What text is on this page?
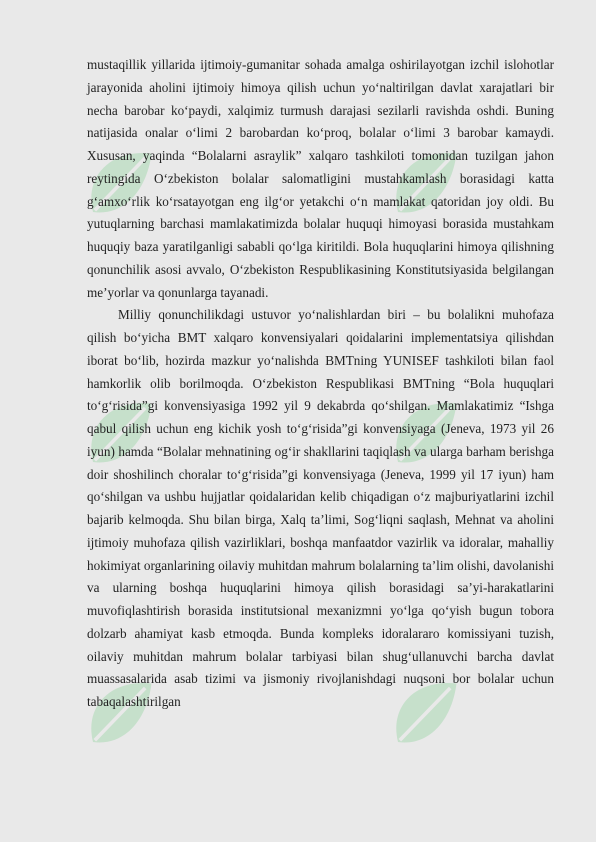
mustaqillik yillarida ijtimoiy-gumanitar sohada amalga oshirilayotgan izchil islohotlar jarayonida aholini ijtimoiy himoya qilish uchun yo‘naltirilgan davlat xarajatlari bir necha barobar ko‘paydi, xalqimiz turmush darajasi sezilarli ravishda oshdi. Buning natijasida onalar o‘limi 2 barobardan ko‘proq, bolalar o‘limi 3 barobar kamaydi. Xususan, yaqinda “Bolalarni asraylik” xalqaro tashkiloti tomonidan tuzilgan jahon reytingida O‘zbekiston bolalar salomatligini mustahkamlash borasidagi katta g‘amxo‘rlik ko‘rsatayotgan eng ilg‘or yetakchi o‘n mamlakat qatoridan joy oldi. Bu yutuqlarning barchasi mamlakatimizda bolalar huquqi himoyasi borasida mustahkam huquqiy baza yaratilganligi sababli qo‘lga kiritildi. Bola huquqlarini himoya qilishning qonunchilik asosi avvalo, O‘zbekiston Respublikasining Konstitutsiyasida belgilangan me’yorlar va qonunlarga tayanadi.

Milliy qonunchilikdagi ustuvor yo‘nalishlardan biri – bu bolalikni muhofaza qilish bo‘yicha BMT xalqaro konvensiyalari qoidalarini implementatsiya qilishdan iborat bo‘lib, hozirda mazkur yo‘nalishda BMTning YUNISEF tashkiloti bilan faol hamkorlik olib borilmoqda. O‘zbekiston Respublikasi BMTning “Bola huquqlari to‘g‘risida”gi konvensiyasiga 1992 yil 9 dekabrda qo‘shilgan. Mamlakatimiz “Ishga qabul qilish uchun eng kichik yosh to‘g‘risida”gi konvensiyaga (Jeneva, 1973 yil 26 iyun) hamda “Bolalar mehnatining og‘ir shakllarini taqiqlash va ularga barham berishga doir shoshilinch choralar to‘g‘risida”gi konvensiyaga (Jeneva, 1999 yil 17 iyun) ham qo‘shilgan va ushbu hujjatlar qoidalaridan kelib chiqadigan o‘z majburiyatlarini izchil bajarib kelmoqda. Shu bilan birga, Xalq ta’limi, Sog‘liqni saqlash, Mehnat va aholini ijtimoiy muhofaza qilish vazirliklari, boshqa manfaatdor vazirlik va idoralar, mahalliy hokimiyat organlarining oilaviy muhitdan mahrum bolalarning ta’lim olishi, davolanishi va ularning boshqa huquqlarini himoya qilish borasidagi sa’yi-harakatlarini muvofiqlashtirish borasida institutsional mexanizmni yo‘lga qo‘yish bugun tobora dolzarb ahamiyat kasb etmoqda. Bunda kompleks idoralararo komissiyani tuzish, oilaviy muhitdan mahrum bolalar tarbiyasi bilan shug‘ullanuvchi barcha davlat muassasalarida asab tizimi va jismoniy rivojlanishdagi nuqsoni bor bolalar uchun tabaqalashtirilgan
